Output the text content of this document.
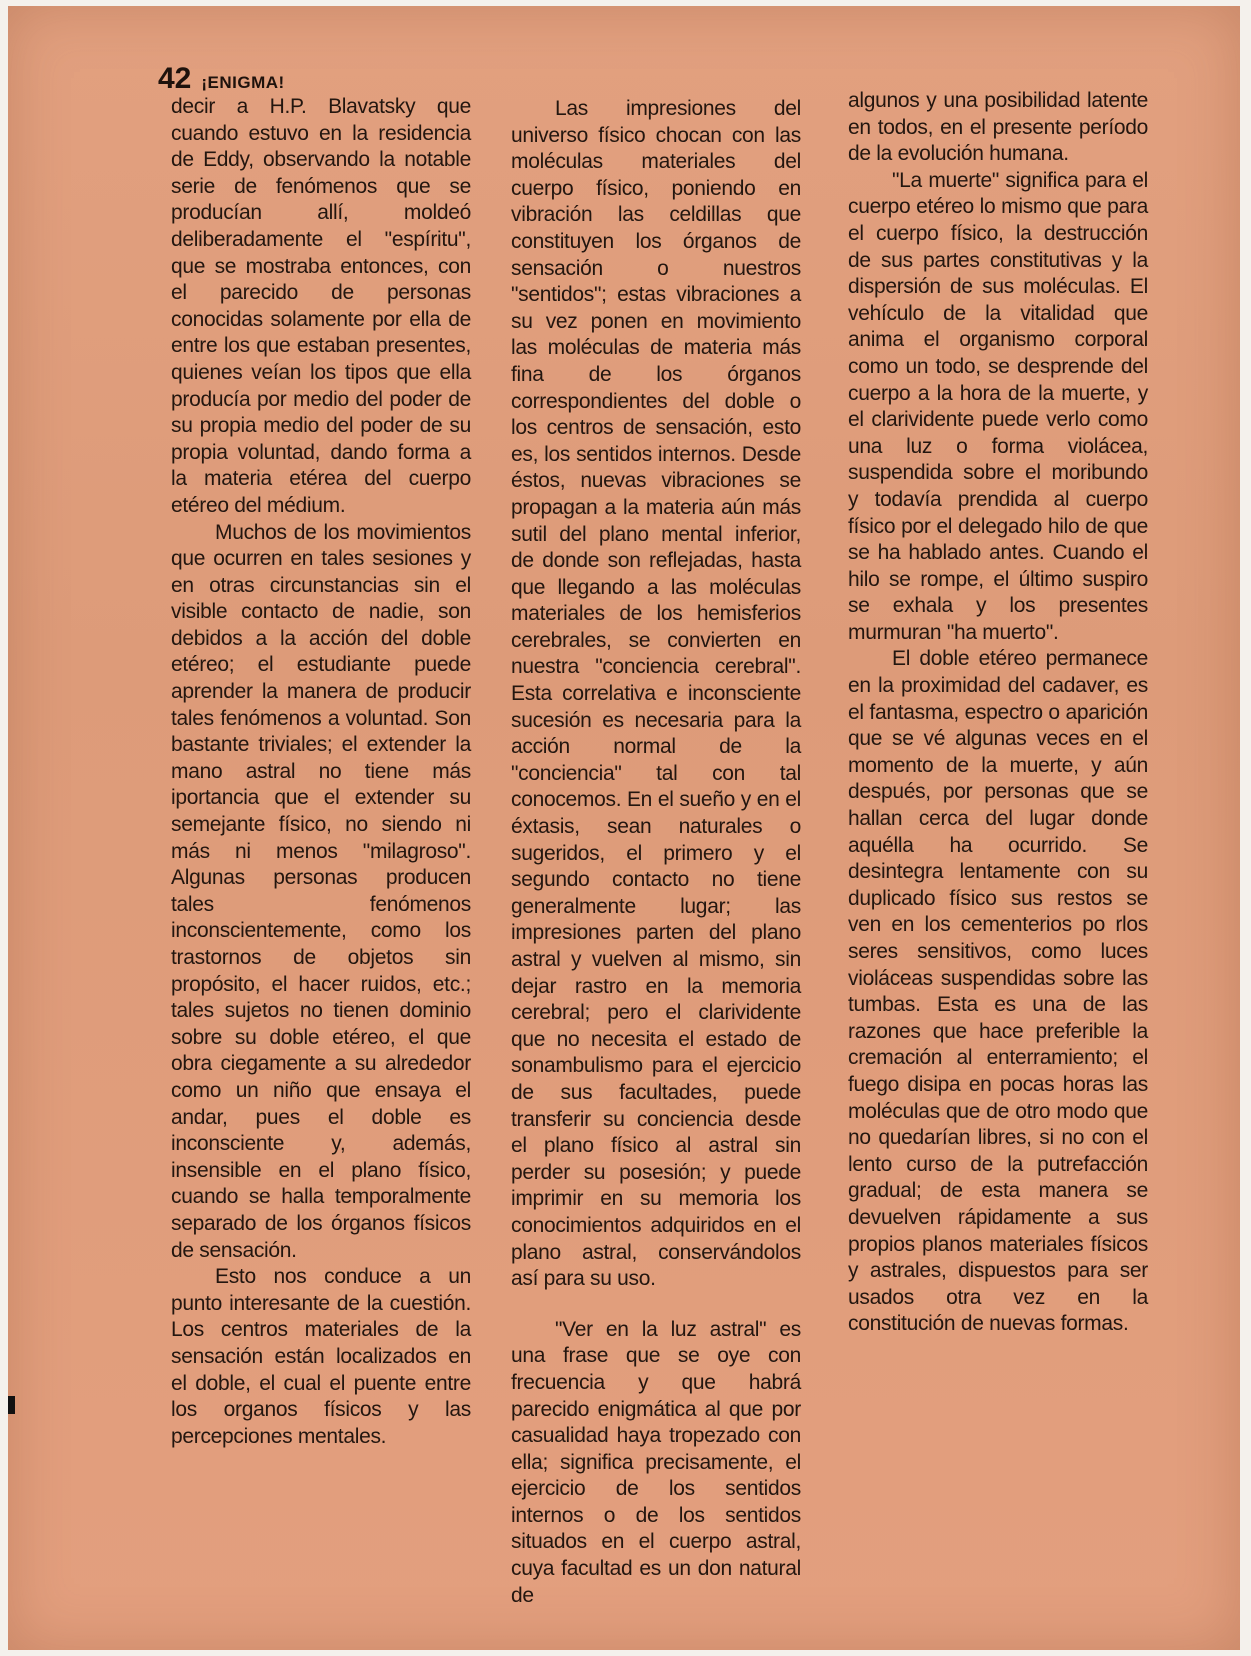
42 ¡ENIGMA!

decir a H.P. Blavatsky que cuando estuvo en la residencia de Eddy, observando la notable serie de fenómenos que se producían allí, moldeó deliberadamente el "espíritu", que se mostraba entonces, con el parecido de personas conocidas solamente por ella de entre los que estaban presentes, quienes veían los tipos que ella producía por medio del poder de su propia medio del poder de su propia voluntad, dando forma a la materia etérea del cuerpo etéreo del médium.

Muchos de los movimientos que ocurren en tales sesiones y en otras circunstancias sin el visible contacto de nadie, son debidos a la acción del doble etéreo; el estudiante puede aprender la manera de producir tales fenómenos a voluntad. Son bastante triviales; el extender la mano astral no tiene más iportancia que el extender su semejante físico, no siendo ni más ni menos "milagroso". Algunas personas producen tales fenómenos inconscientemente, como los trastornos de objetos sin propósito, el hacer ruidos, etc.; tales sujetos no tienen dominio sobre su doble etéreo, el que obra ciegamente a su alrededor como un niño que ensaya el andar, pues el doble es inconsciente y, además, insensible en el plano físico, cuando se halla temporalmente separado de los órganos físicos de sensación.

Esto nos conduce a un punto interesante de la cuestión. Los centros materiales de la sensación están localizados en el doble, el cual el puente entre los organos físicos y las percepciones mentales.

Las impresiones del universo físico chocan con las moléculas materiales del cuerpo físico, poniendo en vibración las celdillas que constituyen los órganos de sensación o nuestros "sentidos"; estas vibraciones a su vez ponen en movimiento las moléculas de materia más fina de los órganos correspondientes del doble o los centros de sensación, esto es, los sentidos internos. Desde éstos, nuevas vibraciones se propagan a la materia aún más sutil del plano mental inferior, de donde son reflejadas, hasta que llegando a las moléculas materiales de los hemisferios cerebrales, se convierten en nuestra "conciencia cerebral". Esta correlativa e inconsciente sucesión es necesaria para la acción normal de la "conciencia" tal con tal conocemos. En el sueño y en el éxtasis, sean naturales o sugeridos, el primero y el segundo contacto no tiene generalmente lugar; las impresiones parten del plano astral y vuelven al mismo, sin dejar rastro en la memoria cerebral; pero el clarividente que no necesita el estado de sonambulismo para el ejercicio de sus facultades, puede transferir su conciencia desde el plano físico al astral sin perder su posesión; y puede imprimir en su memoria los conocimientos adquiridos en el plano astral, conservándolos así para su uso.

"Ver en la luz astral" es una frase que se oye con frecuencia y que habrá parecido enigmática al que por casualidad haya tropezado con ella; significa precisamente, el ejercicio de los sentidos internos o de los sentidos situados en el cuerpo astral, cuya facultad es un don natural de

algunos y una posibilidad latente en todos, en el presente período de la evolución humana.

"La muerte" significa para el cuerpo etéreo lo mismo que para el cuerpo físico, la destrucción de sus partes constitutivas y la dispersión de sus moléculas. El vehículo de la vitalidad que anima el organismo corporal como un todo, se desprende del cuerpo a la hora de la muerte, y el clarividente puede verlo como una luz o forma violácea, suspendida sobre el moribundo y todavía prendida al cuerpo físico por el delegado hilo de que se ha hablado antes. Cuando el hilo se rompe, el último suspiro se exhala y los presentes murmuran "ha muerto".

El doble etéreo permanece en la proximidad del cadaver, es el fantasma, espectro o aparición que se vé algunas veces en el momento de la muerte, y aún después, por personas que se hallan cerca del lugar donde aquélla ha ocurrido. Se desintegra lentamente con su duplicado físico sus restos se ven en los cementerios po rlos seres sensitivos, como luces violáceas suspendidas sobre las tumbas. Esta es una de las razones que hace preferible la cremación al enterramiento; el fuego disipa en pocas horas las moléculas que de otro modo que no quedarían libres, si no con el lento curso de la putrefacción gradual; de esta manera se devuelven rápidamente a sus propios planos materiales físicos y astrales, dispuestos para ser usados otra vez en la constitución de nuevas formas.
